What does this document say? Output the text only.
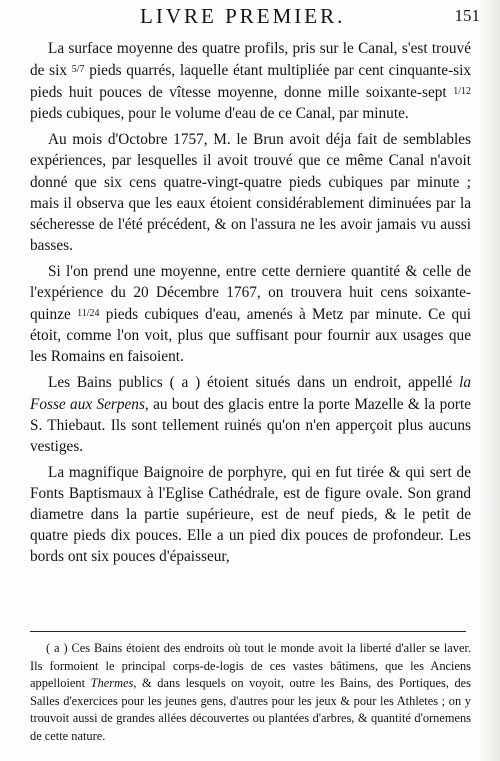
LIVRE PREMIER.	151

La surface moyenne des quatre profils, pris sur le Canal, s'est trouvé de six 5/7 pieds quarrés, laquelle étant multipliée par cent cinquante-six pieds huit pouces de vîtesse moyenne, donne mille soixante-sept 1/12 pieds cubiques, pour le volume d'eau de ce Canal, par minute.

Au mois d'Octobre 1757, M. le Brun avoit déja fait de semblables expériences, par lesquelles il avoit trouvé que ce même Canal n'avoit donné que six cens quatre-vingt-quatre pieds cubiques par minute ; mais il observa que les eaux étoient considérablement diminuées par la sécheresse de l'été précédent, & on l'assura ne les avoir jamais vu aussi basses.

Si l'on prend une moyenne, entre cette derniere quantité & celle de l'expérience du 20 Décembre 1767, on trouvera huit cens soixante-quinze 11/24 pieds cubiques d'eau, amenés à Metz par minute. Ce qui étoit, comme l'on voit, plus que suffisant pour fournir aux usages que les Romains en faisoient.

Les Bains publics ( a ) étoient situés dans un endroit, appellé la Fosse aux Serpens, au bout des glacis entre la porte Mazelle & la porte S. Thiebaut. Ils sont tellement ruinés qu'on n'en apperçoit plus aucuns vestiges.

La magnifique Baignoire de porphyre, qui en fut tirée & qui sert de Fonts Baptismaux à l'Eglise Cathédrale, est de figure ovale. Son grand diametre dans la partie supérieure, est de neuf pieds, & le petit de quatre pieds dix pouces. Elle a un pied dix pouces de profondeur. Les bords ont six pouces d'épaisseur,

( a ) Ces Bains étoient des endroits où tout le monde avoit la liberté d'aller se laver. Ils formoient le principal corps-de-logis de ces vastes bâtimens, que les Anciens appelloient Thermes, & dans lesquels on voyoit, outre les Bains, des Portiques, des Salles d'exercices pour les jeunes gens, d'autres pour les jeux & pour les Athletes ; on y trouvoit aussi de grandes allées découvertes ou plantées d'arbres, & quantité d'ornemens de cette nature.
